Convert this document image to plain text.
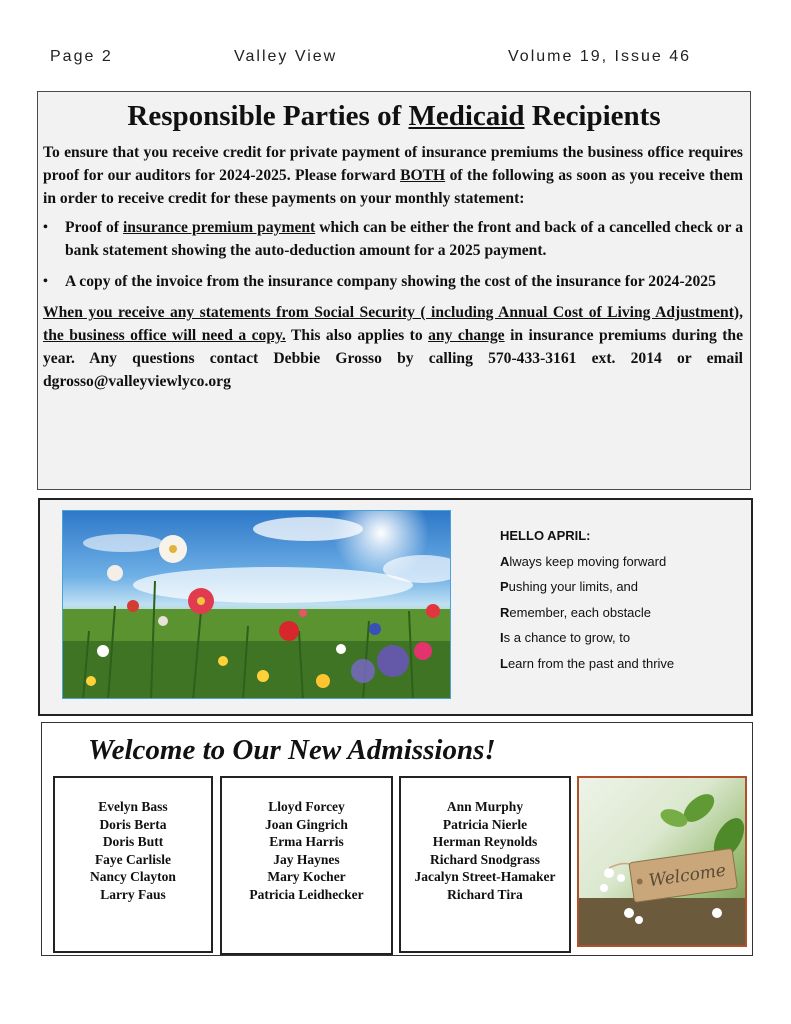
Page 2	Valley View	Volume 19, Issue 46
Responsible Parties of Medicaid Recipients

To ensure that you receive credit for private payment of insurance premiums the business office requires proof for our auditors for 2024-2025. Please forward BOTH of the following as soon as you receive them in order to receive credit for these payments on your monthly statement:

• Proof of insurance premium payment which can be either the front and back of a cancelled check or a bank statement showing the auto-deduction amount for a 2025 payment.
• A copy of the invoice from the insurance company showing the cost of the insurance for 2024-2025

When you receive any statements from Social Security ( including Annual Cost of Living Adjustment), the business office will need a copy. This also applies to any change in insurance premiums during the year. Any questions contact Debbie Grosso by calling 570-433-3161 ext. 2014 or email dgrosso@valleyviewlyco.org

HELLO APRIL:
Always keep moving forward
Pushing your limits, and
Remember, each obstacle
Is a chance to grow, to
Learn from the past and thrive
Welcome to Our New Admissions!
Evelyn Bass
Doris Berta
Doris Butt
Faye Carlisle
Nancy Clayton
Larry Faus
Lloyd Forcey
Joan Gingrich
Erma Harris
Jay Haynes
Mary Kocher
Patricia Leidhecker
Ann Murphy
Patricia Nierle
Herman Reynolds
Richard Snodgrass
Jacalyn Street-Hamaker
Richard Tira
Welcome
